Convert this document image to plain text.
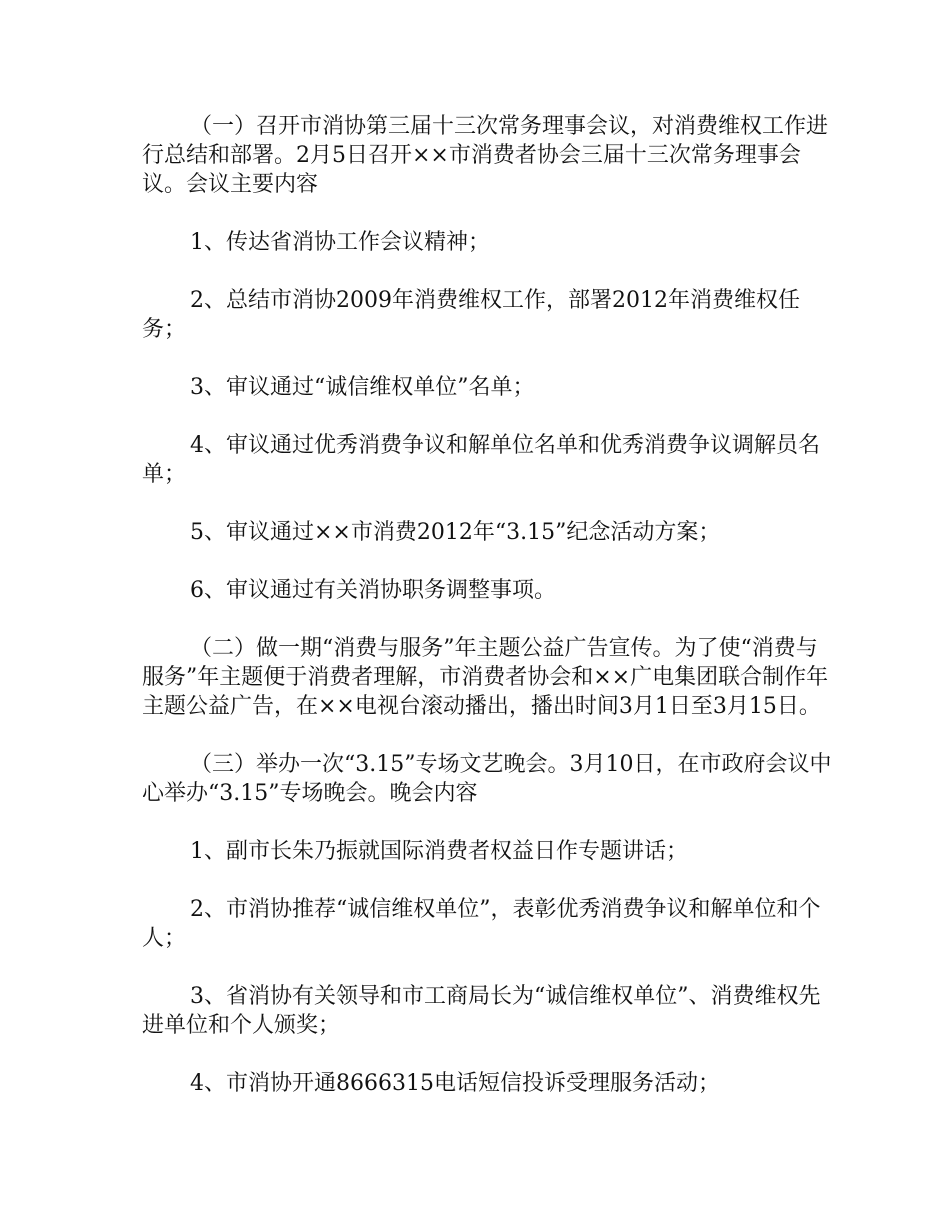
（一）召开市消协第三届十三次常务理事会议，对消费维权工作进行总结和部署。2月5日召开××市消费者协会三届十三次常务理事会议。会议主要内容

1、传达省消协工作会议精神；

2、总结市消协2009年消费维权工作，部署2012年消费维权任务；

3、审议通过“诚信维权单位”名单；

4、审议通过优秀消费争议和解单位名单和优秀消费争议调解员名单；

5、审议通过××市消费2012年“3.15”纪念活动方案；

6、审议通过有关消协职务调整事项。

（二）做一期“消费与服务”年主题公益广告宣传。为了使“消费与服务”年主题便于消费者理解，市消费者协会和××广电集团联合制作年主题公益广告，在××电视台滚动播出，播出时间3月1日至3月15日。

（三）举办一次“3.15”专场文艺晚会。3月10日，在市政府会议中心举办“3.15”专场晚会。晚会内容

1、副市长朱乃振就国际消费者权益日作专题讲话；

2、市消协推荐“诚信维权单位”，表彰优秀消费争议和解单位和个人；

3、省消协有关领导和市工商局长为“诚信维权单位”、消费维权先进单位和个人颁奖；

4、市消协开通8666315电话短信投诉受理服务活动；
